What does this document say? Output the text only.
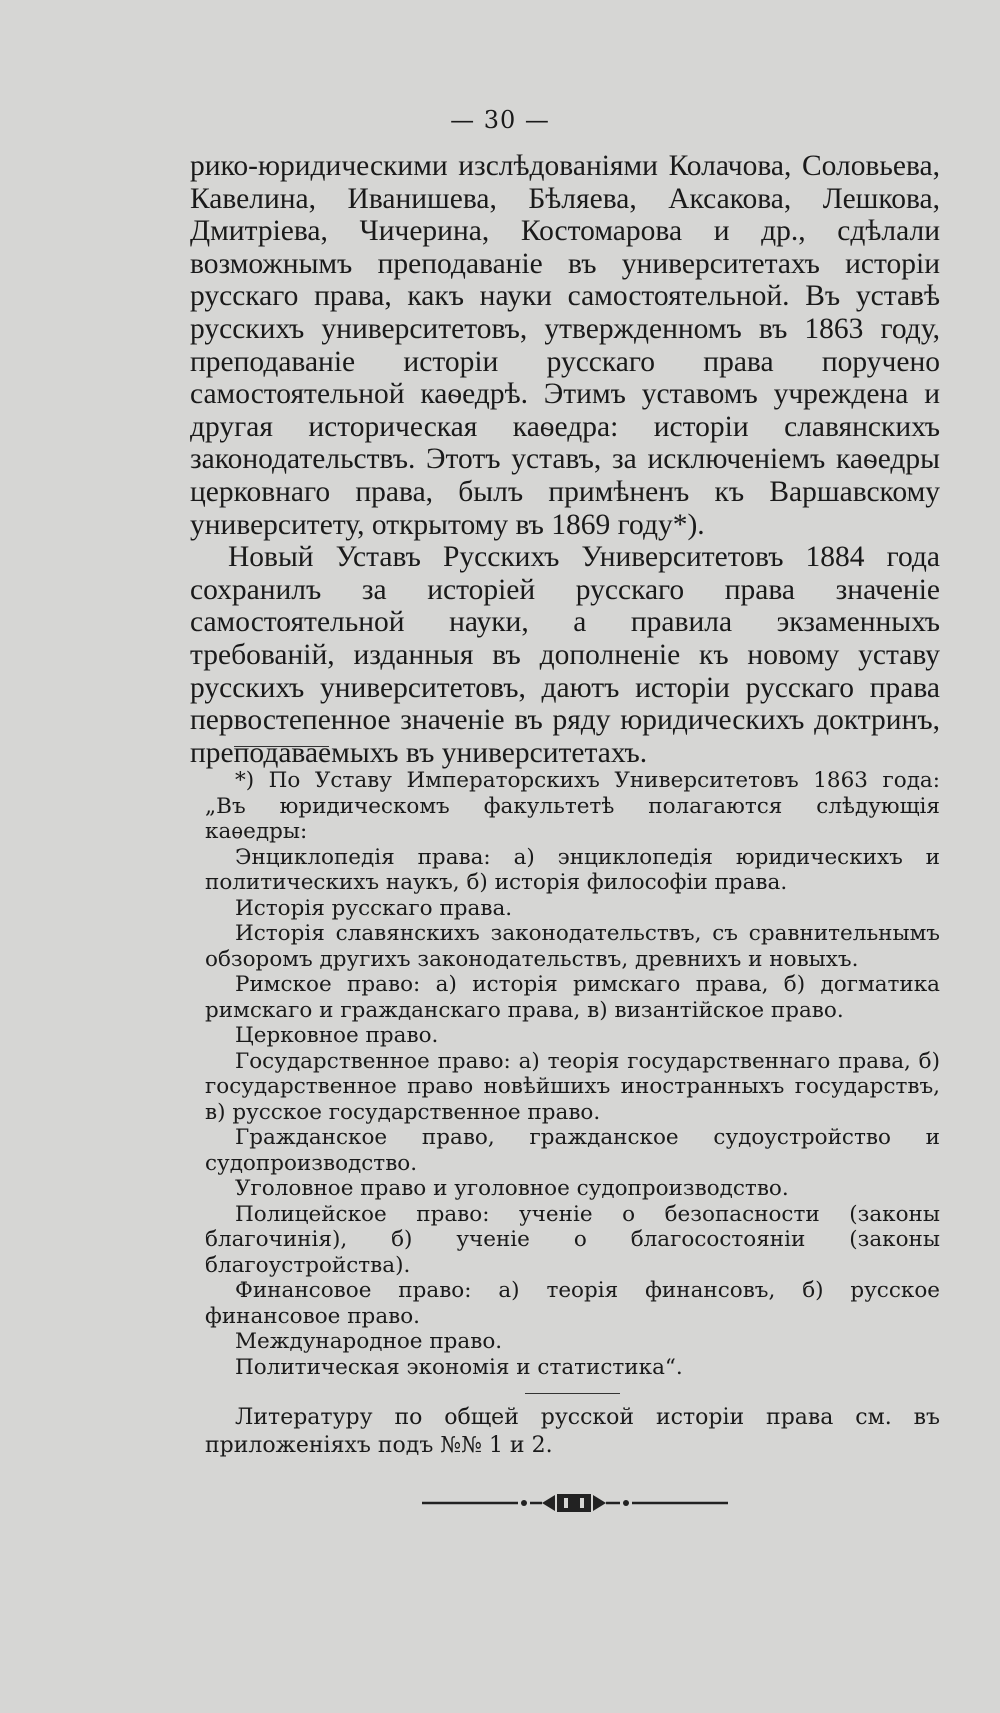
— 30 —

рико-юридическими изслѣдованіями Колачова, Соловьева, Кавелина, Иванишева, Бѣляева, Аксакова, Лешкова, Дмитріева, Чичерина, Костомарова и др., сдѣлали возможнымъ преподаваніе въ университетахъ исторіи русскаго права, какъ науки самостоятельной. Въ уставѣ русскихъ университетовъ, утвержденномъ въ 1863 году, преподаваніе исторіи русскаго права поручено самостоятельной каѳедрѣ. Этимъ уставомъ учреждена и другая историческая каѳедра: исторіи славянскихъ законодательствъ. Этотъ уставъ, за исключеніемъ каѳедры церковнаго права, былъ примѣненъ къ Варшавскому университету, открытому въ 1869 году*).

Новый Уставъ Русскихъ Университетовъ 1884 года сохранилъ за исторіей русскаго права значеніе самостоятельной науки, а правила экзаменныхъ требованій, изданныя въ дополненіе къ новому уставу русскихъ университетовъ, даютъ исторіи русскаго права первостепенное значеніе въ ряду юридическихъ доктринъ, преподаваемыхъ въ университетахъ.

*) По Уставу Императорскихъ Университетовъ 1863 года: „Въ юридическомъ факультетѣ полагаются слѣдующія каѳедры:

Энциклопедія права: а) энциклопедія юридическихъ и политическихъ наукъ, б) исторія философіи права.

Исторія русскаго права.

Исторія славянскихъ законодательствъ, съ сравнительнымъ обзоромъ другихъ законодательствъ, древнихъ и новыхъ.

Римское право: а) исторія римскаго права, б) догматика римскаго и гражданскаго права, в) византійское право.

Церковное право.

Государственное право: а) теорія государственнаго права, б) государственное право новѣйшихъ иностранныхъ государствъ, в) русское государственное право.

Гражданское право, гражданское судоустройство и судопроизводство.

Уголовное право и уголовное судопроизводство.

Полицейское право: ученіе о безопасности (законы благочинія), б) ученіе о благосостояніи (законы благоустройства).

Финансовое право: а) теорія финансовъ, б) русское финансовое право.

Международное право.

Политическая экономія и статистика“.

Литературу по общей русской исторіи права см. въ приложеніяхъ подъ №№ 1 и 2.
